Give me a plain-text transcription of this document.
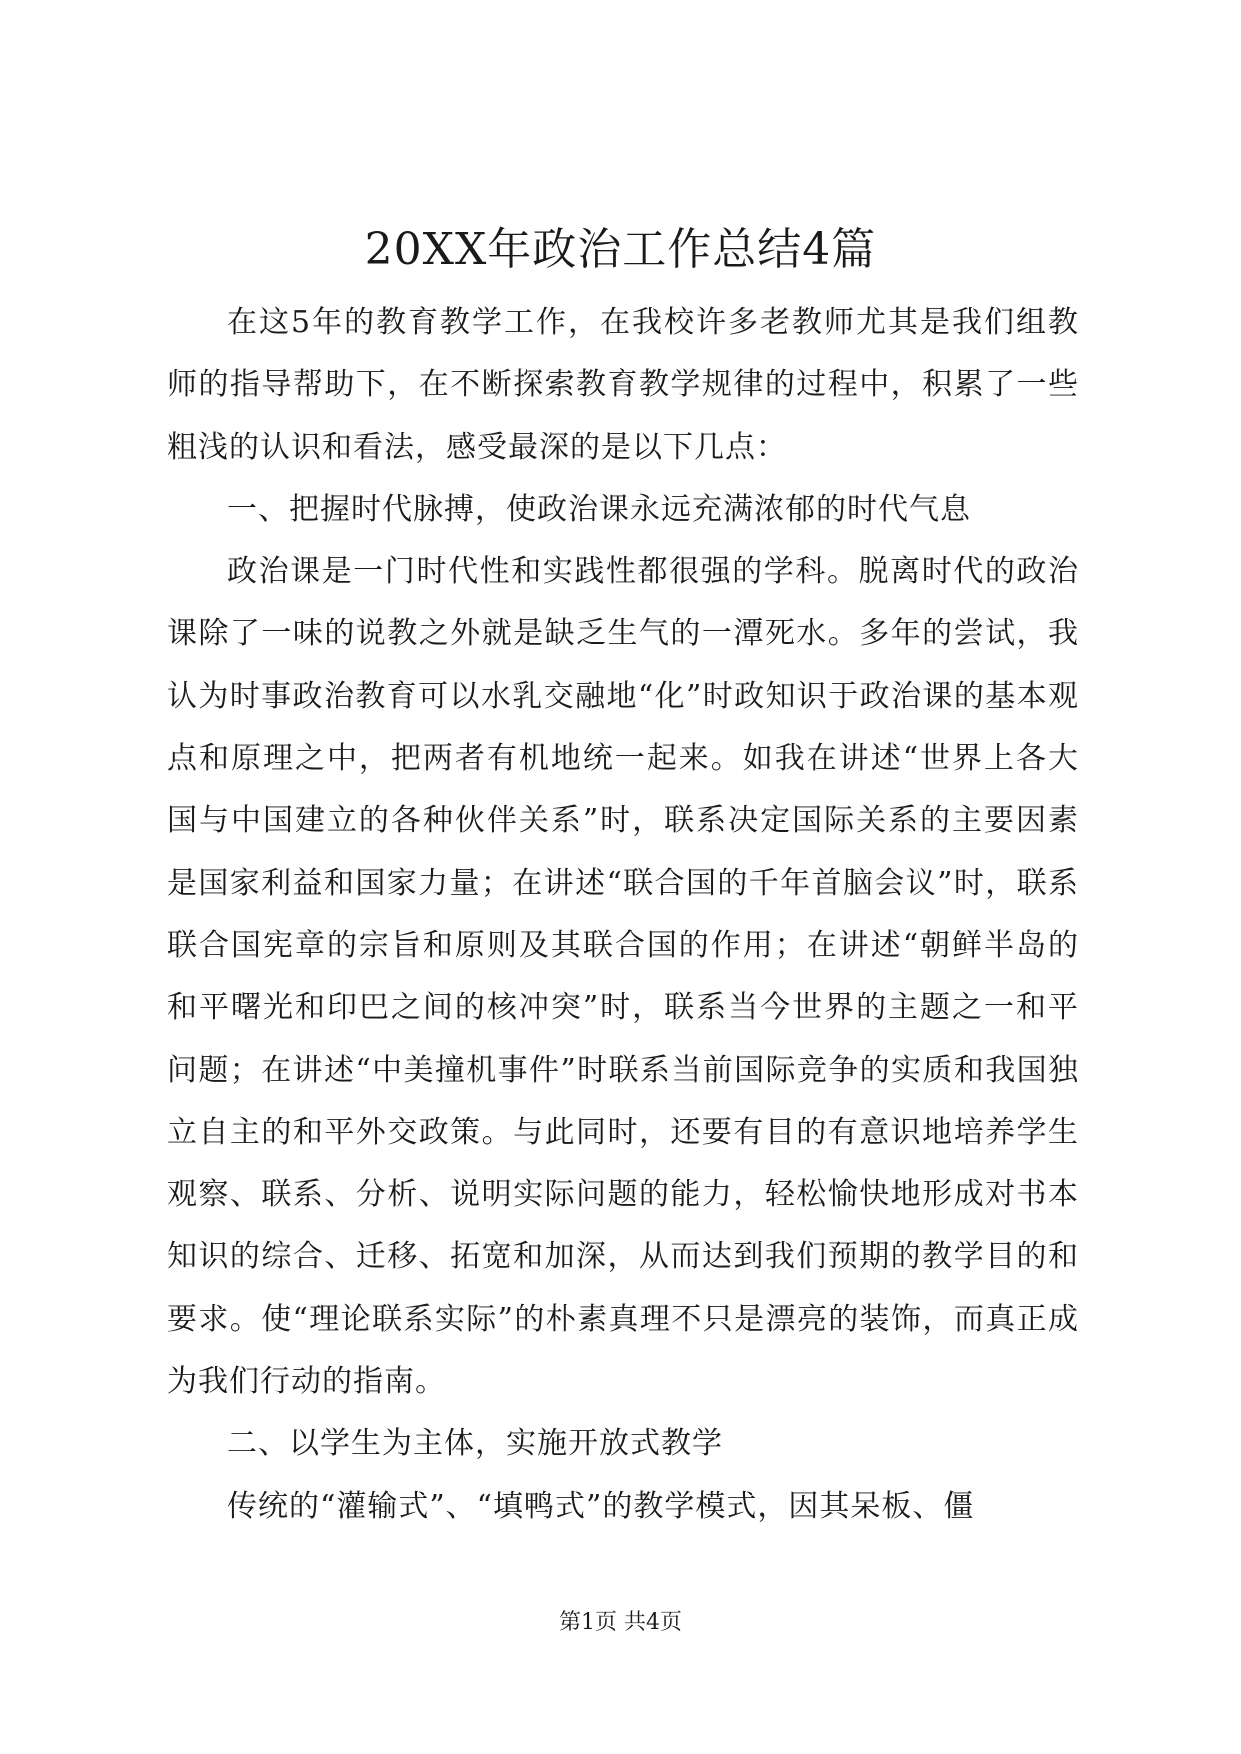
20XX年政治工作总结4篇

在这5年的教育教学工作，在我校许多老教师尤其是我们组教师的指导帮助下，在不断探索教育教学规律的过程中，积累了一些粗浅的认识和看法，感受最深的是以下几点：

一、把握时代脉搏，使政治课永远充满浓郁的时代气息

政治课是一门时代性和实践性都很强的学科。脱离时代的政治课除了一味的说教之外就是缺乏生气的一潭死水。多年的尝试，我认为时事政治教育可以水乳交融地“化”时政知识于政治课的基本观点和原理之中，把两者有机地统一起来。如我在讲述“世界上各大国与中国建立的各种伙伴关系”时，联系决定国际关系的主要因素是国家利益和国家力量；在讲述“联合国的千年首脑会议”时，联系联合国宪章的宗旨和原则及其联合国的作用；在讲述“朝鲜半岛的和平曙光和印巴之间的核冲突”时，联系当今世界的主题之一和平问题；在讲述“中美撞机事件”时联系当前国际竞争的实质和我国独立自主的和平外交政策。与此同时，还要有目的有意识地培养学生观察、联系、分析、说明实际问题的能力，轻松愉快地形成对书本知识的综合、迁移、拓宽和加深，从而达到我们预期的教学目的和要求。使“理论联系实际”的朴素真理不只是漂亮的装饰，而真正成为我们行动的指南。

二、以学生为主体，实施开放式教学

传统的“灌输式”、“填鸭式”的教学模式，因其呆板、僵

第1页 共4页
